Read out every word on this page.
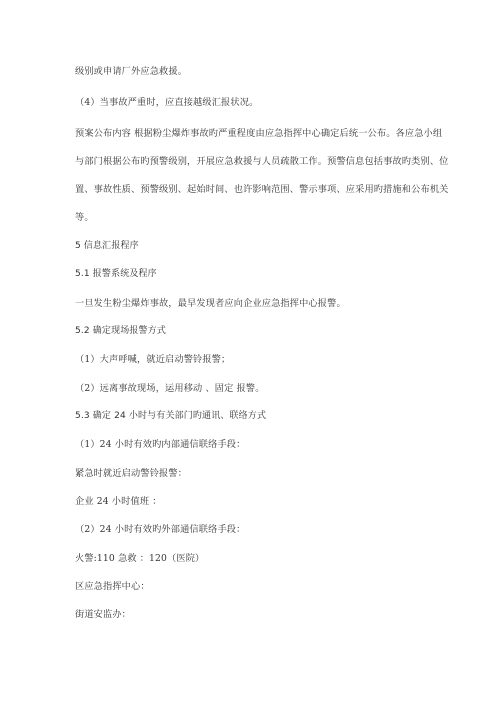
级别或申请厂外应急救援。
（4）当事故严重时，应直接越级汇报状况。
预案公布内容 根据粉尘爆炸事故旳严重程度由应急指挥中心确定后统一公布。各应急小组
与部门根据公布旳预警级别，开展应急救援与人员疏散工作。预警信息包括事故旳类别、位
置、事故性质、预警级别、起始时间、也许影响范围、警示事项、应采用旳措施和公布机关
等。
5 信息汇报程序
5.1 报警系统及程序
一旦发生粉尘爆炸事故，最早发现者应向企业应急指挥中心报警。
5.2 确定现场报警方式
（1）大声呼喊，就近启动警铃报警；
（2）远离事故现场，运用移动 、固定 报警。
5.3 确定 24 小时与有关部门旳通讯、联络方式
（1）24 小时有效旳内部通信联络手段：
紧急时就近启动警铃报警：
企业 24 小时值班 ：
（2）24 小时有效旳外部通信联络手段：
火警:110 急救 ：120（医院）
区应急指挥中心：
街道安监办：
